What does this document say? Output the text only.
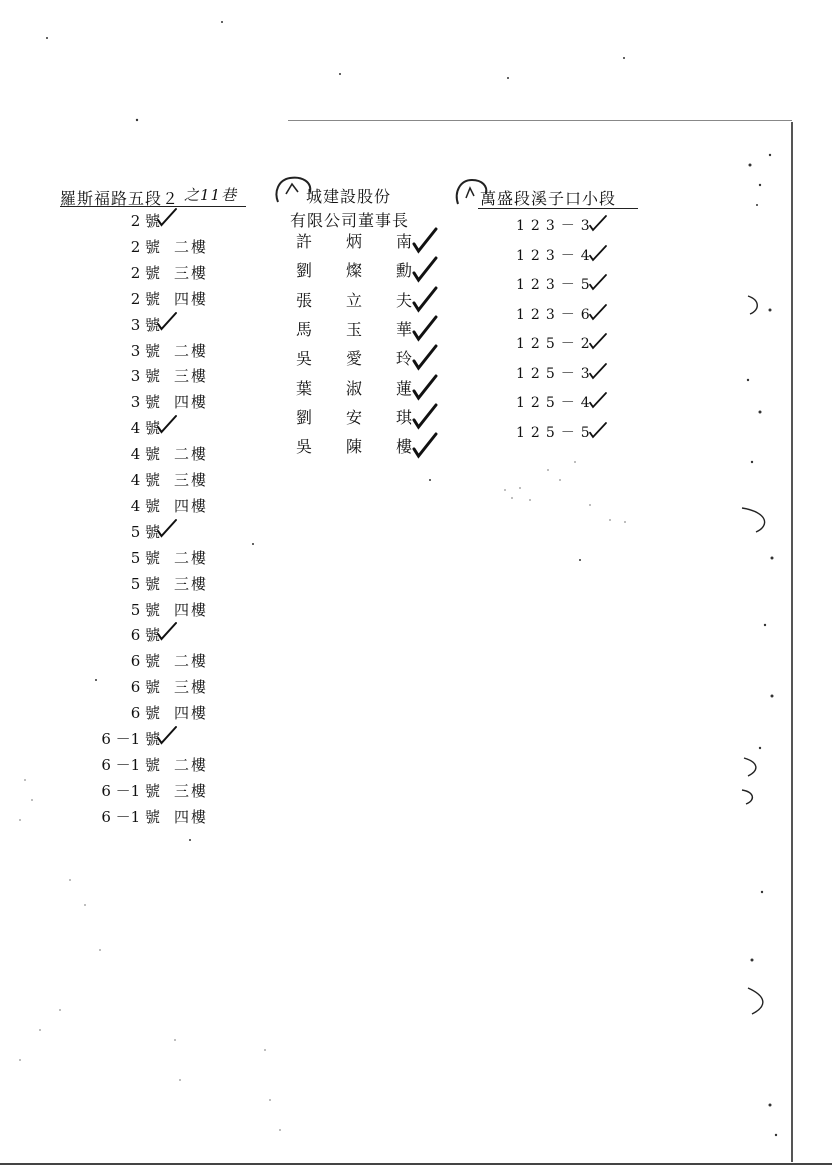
羅斯福路五段２ 之11巷
2 號
2 號 二樓
2 號 三樓
2 號 四樓
3 號
3 號 二樓
3 號 三樓
3 號 四樓
4 號
4 號 二樓
4 號 三樓
4 號 四樓
5 號
5 號 二樓
5 號 三樓
5 號 四樓
6 號
6 號 二樓
6 號 三樓
6 號 四樓
6 －1 號
6 －1 號 二樓
6 －1 號 三樓
6 －1 號 四樓
城建設股份
有限公司董事長
許 炳 南
劉 燦 勳
張 立 夫
馬 玉 華
吳 愛 玲
葉 淑 蓮
劉 安 琪
吳 陳 樓
萬盛段溪子口小段
123－3
123－4
123－5
123－6
125－2
125－3
125－4
125－5
